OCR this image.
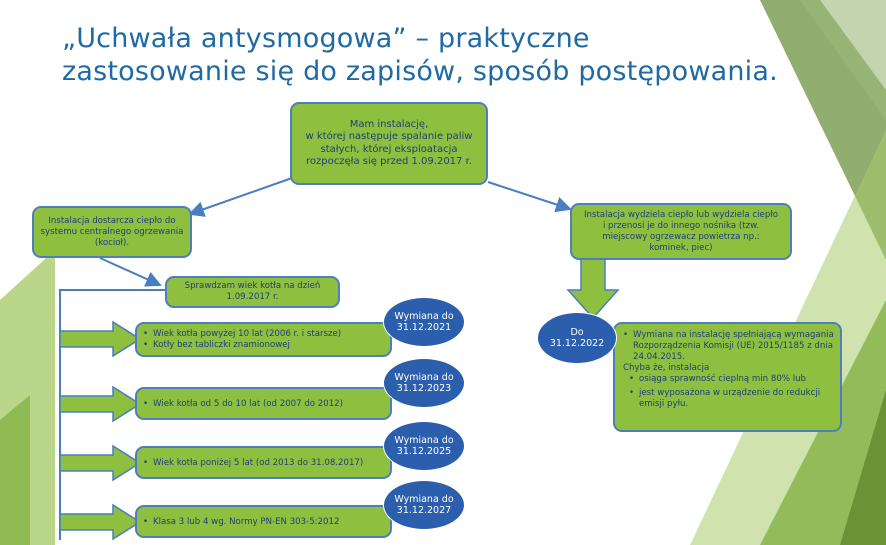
„Uchwała antysmogowa” – praktyczne zastosowanie się do zapisów, sposób postępowania.
Mam instalację,
w której następuje spalanie paliw stałych, której eksploatacja rozpoczęła się przed 1.09.2017 r.
Instalacja dostarcza ciepło do systemu centralnego ogrzewania (kocioł).
Instalacja wydziela ciepło lub wydziela ciepło i przenosi je do innego nośnika (tzw. miejscowy ogrzewacz powietrza np.: kominek, piec)
Sprawdzam wiek kotła na dzień 1.09.2017 r.
• Wiek kotła powyżej 10 lat (2006 r. i starsze)
• Kotły bez tabliczki znamionowej
• Wiek kotła od 5 do 10 lat (od 2007 do 2012)
• Wiek kotła poniżej 5 lat (od 2013 do 31.08.2017)
• Klasa 3 lub 4 wg. Normy PN-EN 303-5:2012
• Wymiana na instalację spełniającą wymagania Rozporządzenia Komisji (UE) 2015/1185 z dnia 24.04.2015.
Chyba że, instalacja
• osiąga sprawność cieplną min 80% lub
• jest wyposażona w urządzenie do redukcji emisji pyłu.
Wymiana do 31.12.2021
Wymiana do 31.12.2023
Wymiana do 31.12.2025
Wymiana do 31.12.2027
Do 31.12.2022
